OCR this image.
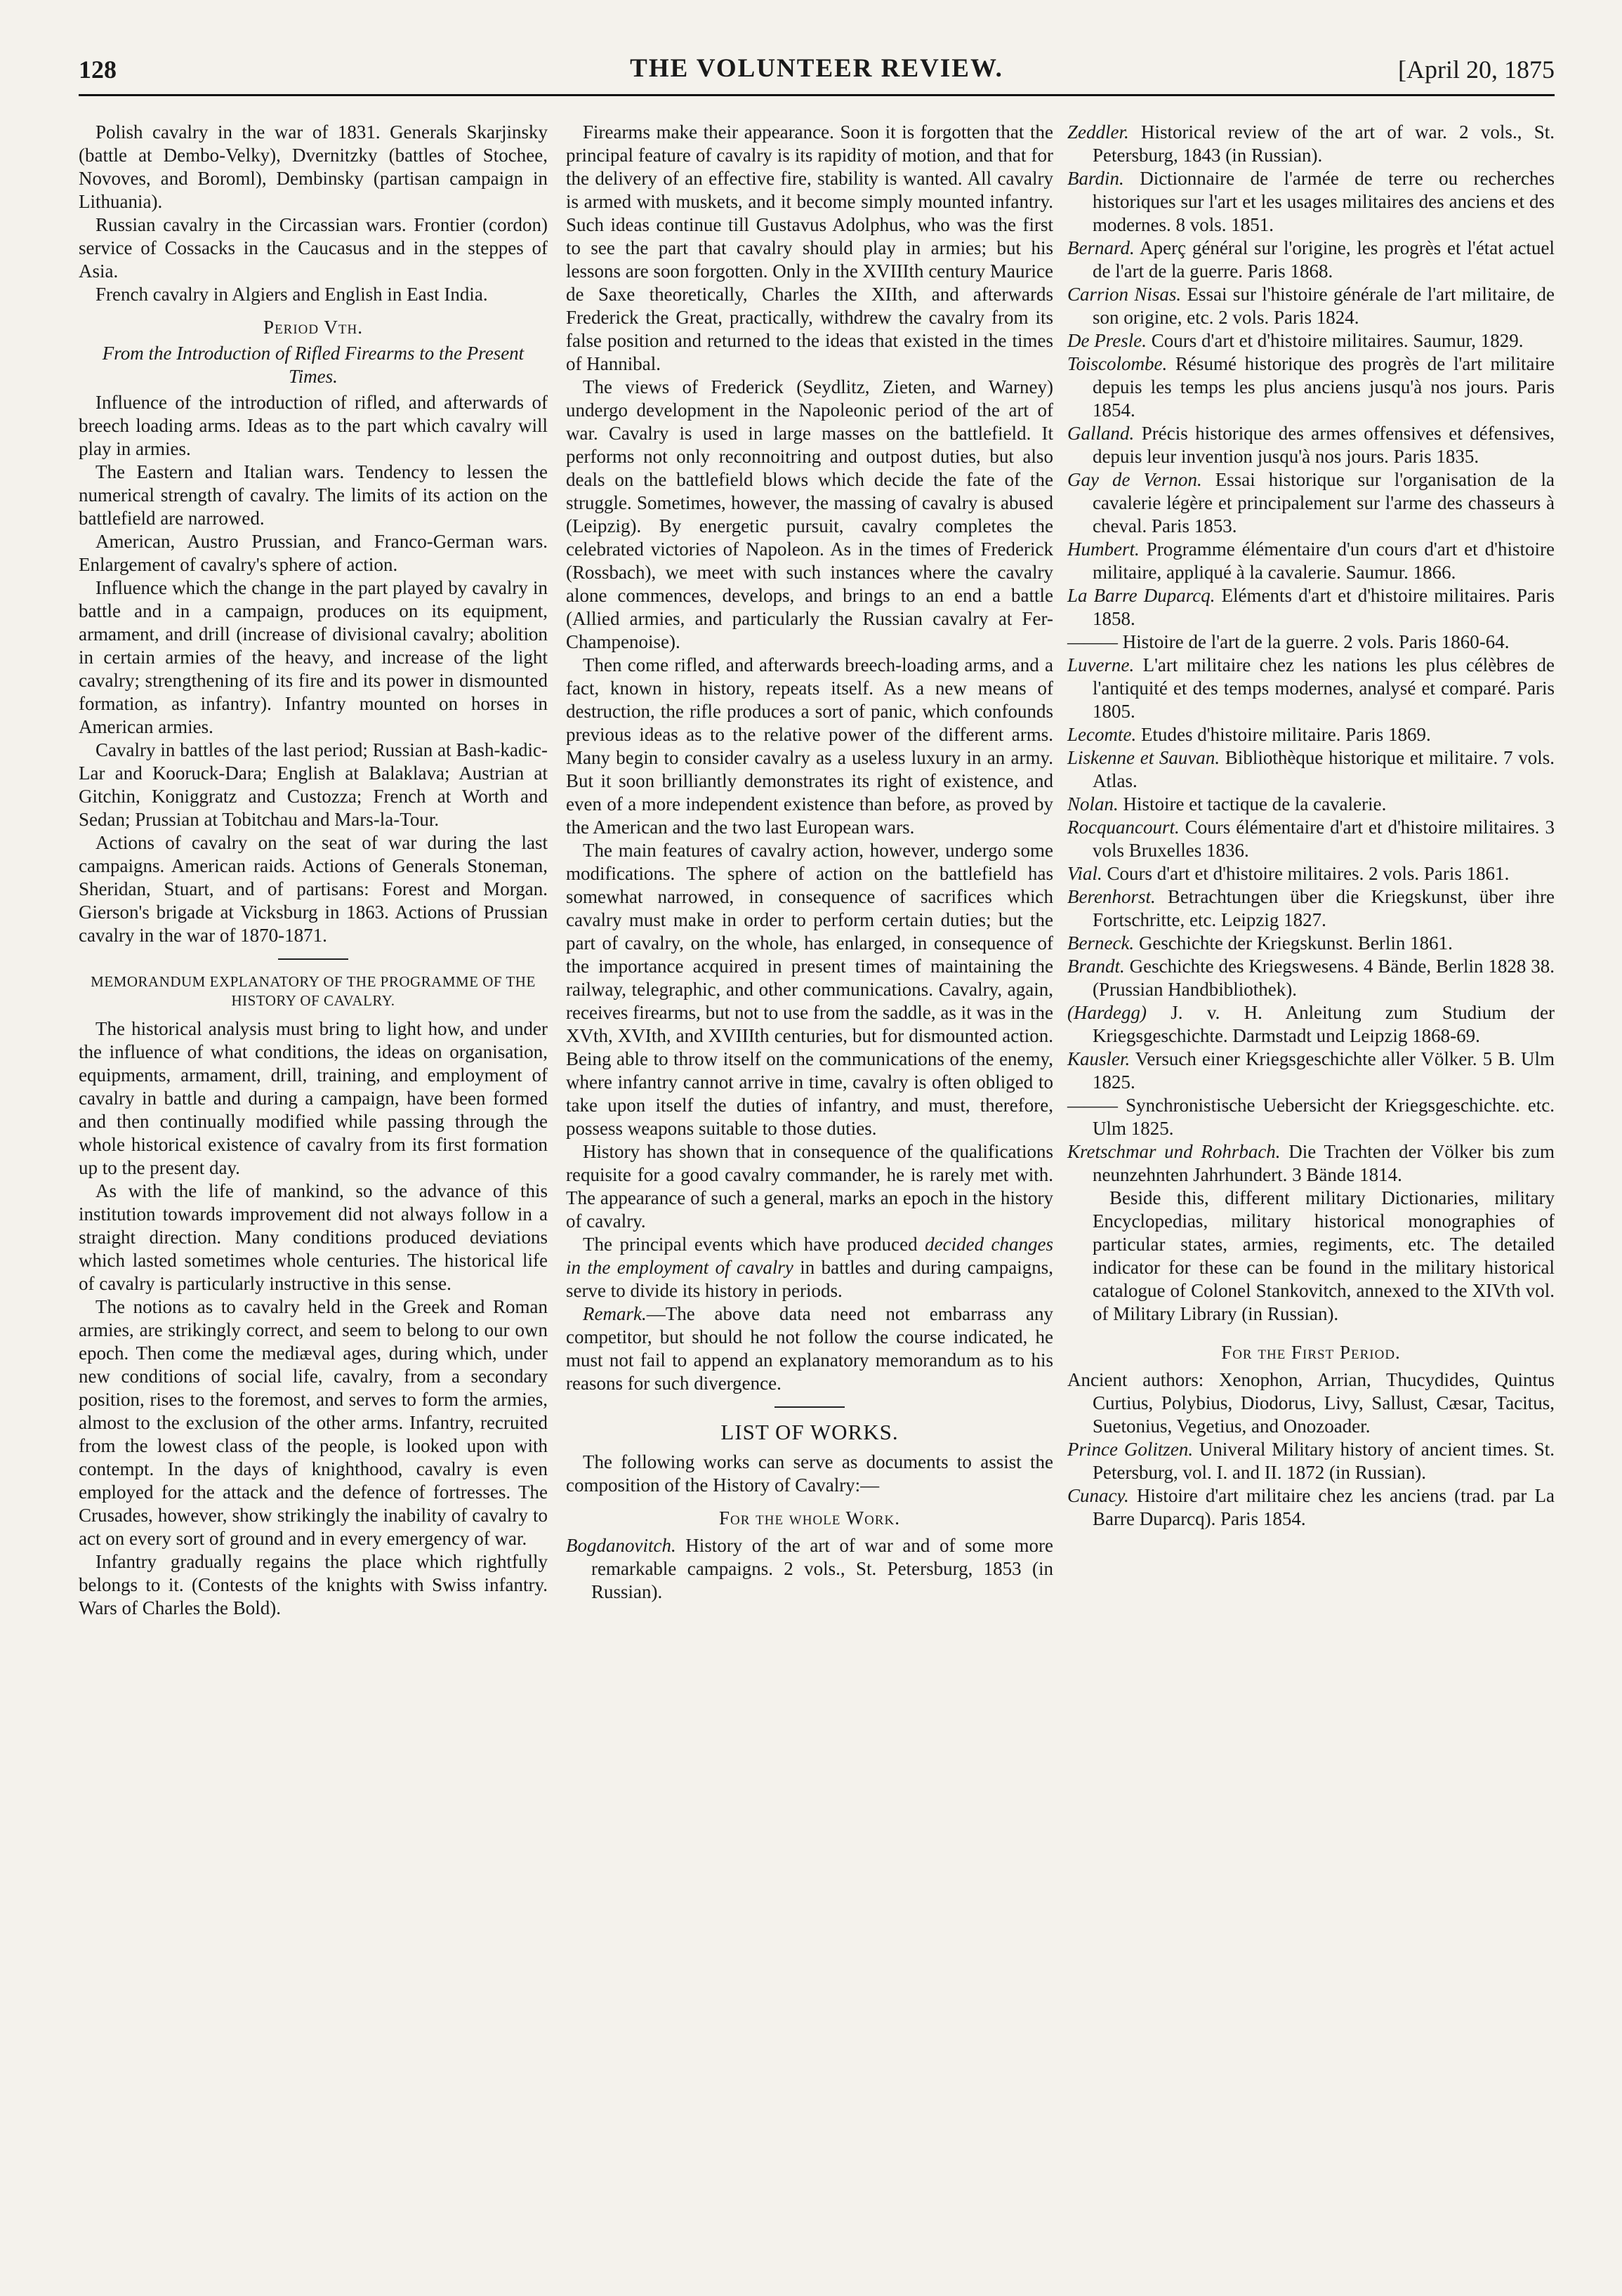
128	THE VOLUNTEER REVIEW.	[April 20, 1875

Polish cavalry in the war of 1831. Generals Skarjinsky (battle at Dembo-Velky), Dvernitzky (battles of Stochee, Novoves, and Boroml), Dembinsky (partisan campaign in Lithuania).

Russian cavalry in the Circassian wars. Frontier (cordon) service of Cossacks in the Caucasus and in the steppes of Asia.

French cavalry in Algiers and English in East India.

Period Vth.

From the Introduction of Rifled Firearms to the Present Times.

Influence of the introduction of rifled, and afterwards of breech loading arms. Ideas as to the part which cavalry will play in armies.

The Eastern and Italian wars. Tendency to lessen the numerical strength of cavalry. The limits of its action on the battlefield are narrowed.

American, Austro Prussian, and Franco-German wars. Enlargement of cavalry's sphere of action.

Influence which the change in the part played by cavalry in battle and in a campaign, produces on its equipment, armament, and drill (increase of divisional cavalry; abolition in certain armies of the heavy, and increase of the light cavalry; strengthening of its fire and its power in dismounted formation, as infantry). Infantry mounted on horses in American armies.

Cavalry in battles of the last period; Russian at Bash-kadic-Lar and Kooruck-Dara; English at Balaklava; Austrian at Gitchin, Koniggratz and Custozza; French at Worth and Sedan; Prussian at Tobitchau and Mars-la-Tour.

Actions of cavalry on the seat of war during the last campaigns. American raids. Actions of Generals Stoneman, Sheridan, Stuart, and of partisans: Forest and Morgan. Gierson's brigade at Vicksburg in 1863. Actions of Prussian cavalry in the war of 1870-1871.

MEMORANDUM EXPLANATORY OF THE PROGRAMME OF THE HISTORY OF CAVALRY.

The historical analysis must bring to light how, and under the influence of what conditions, the ideas on organisation, equipments, armament, drill, training, and employment of cavalry in battle and during a campaign, have been formed and then continually modified while passing through the whole historical existence of cavalry from its first formation up to the present day.

As with the life of mankind, so the advance of this institution towards improvement did not always follow in a straight direction. Many conditions produced deviations which lasted sometimes whole centuries. The historical life of cavalry is particularly instructive in this sense.

The notions as to cavalry held in the Greek and Roman armies, are strikingly correct, and seem to belong to our own epoch. Then come the mediæval ages, during which, under new conditions of social life, cavalry, from a secondary position, rises to the foremost, and serves to form the armies, almost to the exclusion of the other arms. Infantry, recruited from the lowest class of the people, is looked upon with contempt. In the days of knighthood, cavalry is even employed for the attack and the defence of fortresses. The Crusades, however, show strikingly the inability of cavalry to act on every sort of ground and in every emergency of war.

Infantry gradually regains the place which rightfully belongs to it. (Contests of the knights with Swiss infantry. Wars of Charles the Bold).

Firearms make their appearance. Soon it is forgotten that the principal feature of cavalry is its rapidity of motion, and that for the delivery of an effective fire, stability is wanted. All cavalry is armed with muskets, and it become simply mounted infantry. Such ideas continue till Gustavus Adolphus, who was the first to see the part that cavalry should play in armies; but his lessons are soon forgotten. Only in the XVIIIth century Maurice de Saxe theoretically, Charles the XIIth, and afterwards Frederick the Great, practically, withdrew the cavalry from its false position and returned to the ideas that existed in the times of Hannibal.

The views of Frederick (Seydlitz, Zieten, and Warney) undergo development in the Napoleonic period of the art of war. Cavalry is used in large masses on the battlefield. It performs not only reconnoitring and outpost duties, but also deals on the battlefield blows which decide the fate of the struggle. Sometimes, however, the massing of cavalry is abused (Leipzig). By energetic pursuit, cavalry completes the celebrated victories of Napoleon. As in the times of Frederick (Rossbach), we meet with such instances where the cavalry alone commences, develops, and brings to an end a battle (Allied armies, and particularly the Russian cavalry at Fer-Champenoise).

Then come rifled, and afterwards breech-loading arms, and a fact, known in history, repeats itself. As a new means of destruction, the rifle produces a sort of panic, which confounds previous ideas as to the relative power of the different arms. Many begin to consider cavalry as a useless luxury in an army. But it soon brilliantly demonstrates its right of existence, and even of a more independent existence than before, as proved by the American and the two last European wars.

The main features of cavalry action, however, undergo some modifications. The sphere of action on the battlefield has somewhat narrowed, in consequence of sacrifices which cavalry must make in order to perform certain duties; but the part of cavalry, on the whole, has enlarged, in consequence of the importance acquired in present times of maintaining the railway, telegraphic, and other communications. Cavalry, again, receives firearms, but not to use from the saddle, as it was in the XVth, XVIth, and XVIIIth centuries, but for dismounted action. Being able to throw itself on the communications of the enemy, where infantry cannot arrive in time, cavalry is often obliged to take upon itself the duties of infantry, and must, therefore, possess weapons suitable to those duties.

History has shown that in consequence of the qualifications requisite for a good cavalry commander, he is rarely met with. The appearance of such a general, marks an epoch in the history of cavalry.

The principal events which have produced decided changes in the employment of cavalry in battles and during campaigns, serve to divide its history in periods.

Remark.—The above data need not embarrass any competitor, but should he not follow the course indicated, he must not fail to append an explanatory memorandum as to his reasons for such divergence.

LIST OF WORKS.

The following works can serve as documents to assist the composition of the History of Cavalry:—

For the whole Work.

Bogdanovitch. History of the art of war and of some more remarkable campaigns. 2 vols., St. Petersburg, 1853 (in Russian).

Zeddler. Historical review of the art of war. 2 vols., St. Petersburg, 1843 (in Russian).

Bardin. Dictionnaire de l'armée de terre ou recherches historiques sur l'art et les usages militaires des anciens et des modernes. 8 vols. 1851.

Bernard. Aperç général sur l'origine, les progrès et l'état actuel de l'art de la guerre. Paris 1868.

Carrion Nisas. Essai sur l'histoire générale de l'art militaire, de son origine, etc. 2 vols. Paris 1824.

De Presle. Cours d'art et d'histoire militaires. Saumur, 1829.

Toiscolombe. Résumé historique des progrès de l'art militaire depuis les temps les plus anciens jusqu'à nos jours. Paris 1854.

Galland. Précis historique des armes offensives et défensives, depuis leur invention jusqu'à nos jours. Paris 1835.

Gay de Vernon. Essai historique sur l'organisation de la cavalerie légère et principalement sur l'arme des chasseurs à cheval. Paris 1853.

Humbert. Programme élémentaire d'un cours d'art et d'histoire militaire, appliqué à la cavalerie. Saumur. 1866.

La Barre Duparcq. Eléments d'art et d'histoire militaires. Paris 1858.

——— Histoire de l'art de la guerre. 2 vols. Paris 1860-64.

Luverne. L'art militaire chez les nations les plus célèbres de l'antiquité et des temps modernes, analysé et comparé. Paris 1805.

Lecomte. Etudes d'histoire militaire. Paris 1869.

Liskenne et Sauvan. Bibliothèque historique et militaire. 7 vols. Atlas.

Nolan. Histoire et tactique de la cavalerie.

Rocquancourt. Cours élémentaire d'art et d'histoire militaires. 3 vols Bruxelles 1836.

Vial. Cours d'art et d'histoire militaires. 2 vols. Paris 1861.

Berenhorst. Betrachtungen über die Kriegskunst, über ihre Fortschritte, etc. Leipzig 1827.

Berneck. Geschichte der Kriegskunst. Berlin 1861.

Brandt. Geschichte des Kriegswesens. 4 Bände, Berlin 1828 38. (Prussian Handbibliothek).

(Hardegg) J. v. H. Anleitung zum Studium der Kriegsgeschichte. Darmstadt und Leipzig 1868-69.

Kausler. Versuch einer Kriegsgeschichte aller Völker. 5 B. Ulm 1825.

——— Synchronistische Uebersicht der Kriegsgeschichte. etc. Ulm 1825.

Kretschmar und Rohrbach. Die Trachten der Völker bis zum neunzehnten Jahrhundert. 3 Bände 1814.

Beside this, different military Dictionaries, military Encyclopedias, military historical monographies of particular states, armies, regiments, etc. The detailed indicator for these can be found in the military historical catalogue of Colonel Stankovitch, annexed to the XIVth vol. of Military Library (in Russian).

For the First Period.

Ancient authors: Xenophon, Arrian, Thucydides, Quintus Curtius, Polybius, Diodorus, Livy, Sallust, Cæsar, Tacitus, Suetonius, Vegetius, and Onozoader.

Prince Golitzen. Univeral Military history of ancient times. St. Petersburg, vol. I. and II. 1872 (in Russian).

Cunacy. Histoire d'art militaire chez les anciens (trad. par La Barre Duparcq). Paris 1854.
